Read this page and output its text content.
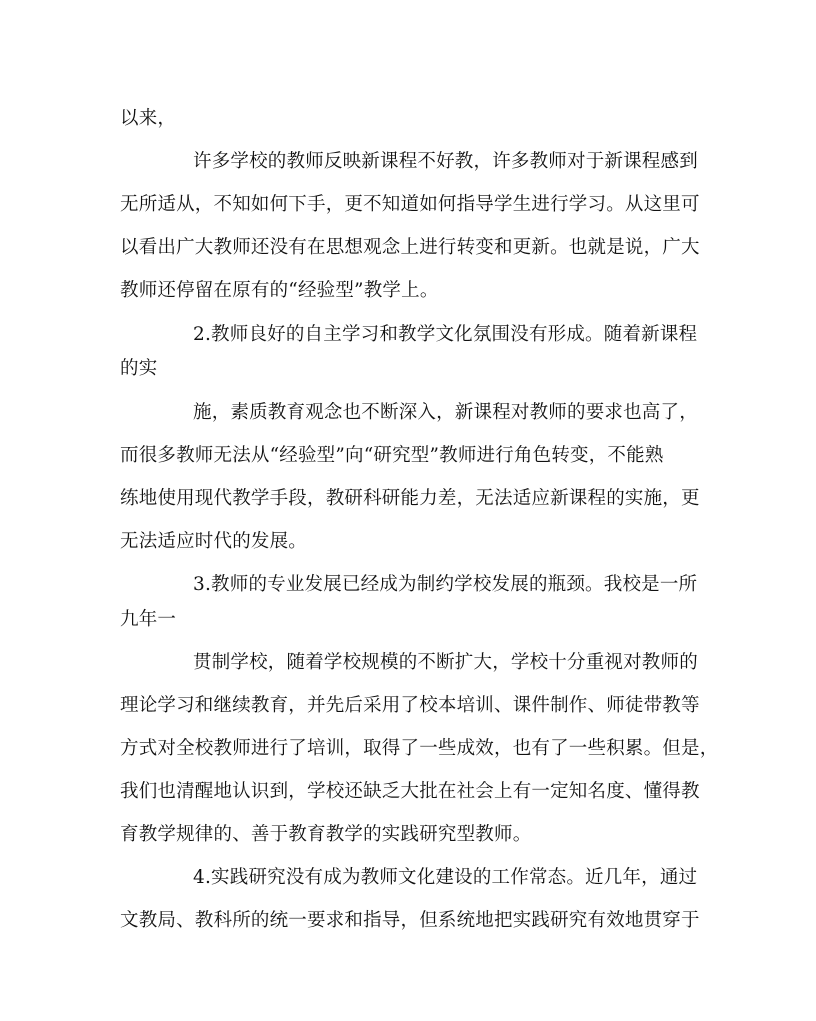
以来，
许多学校的教师反映新课程不好教，许多教师对于新课程感到
无所适从，不知如何下手，更不知道如何指导学生进行学习。从这里可
以看出广大教师还没有在思想观念上进行转变和更新。也就是说，广大
教师还停留在原有的“经验型”教学上。
2.教师良好的自主学习和教学文化氛围没有形成。随着新课程
的实
施，素质教育观念也不断深入，新课程对教师的要求也高了，
而很多教师无法从“经验型”向“研究型”教师进行角色转变，不能熟
练地使用现代教学手段，教研科研能力差，无法适应新课程的实施，更
无法适应时代的发展。
3.教师的专业发展已经成为制约学校发展的瓶颈。我校是一所
九年一
贯制学校，随着学校规模的不断扩大，学校十分重视对教师的
理论学习和继续教育，并先后采用了校本培训、课件制作、师徒带教等
方式对全校教师进行了培训，取得了一些成效，也有了一些积累。但是，
我们也清醒地认识到，学校还缺乏大批在社会上有一定知名度、懂得教
育教学规律的、善于教育教学的实践研究型教师。
4.实践研究没有成为教师文化建设的工作常态。近几年，通过
文教局、教科所的统一要求和指导，但系统地把实践研究有效地贯穿于
